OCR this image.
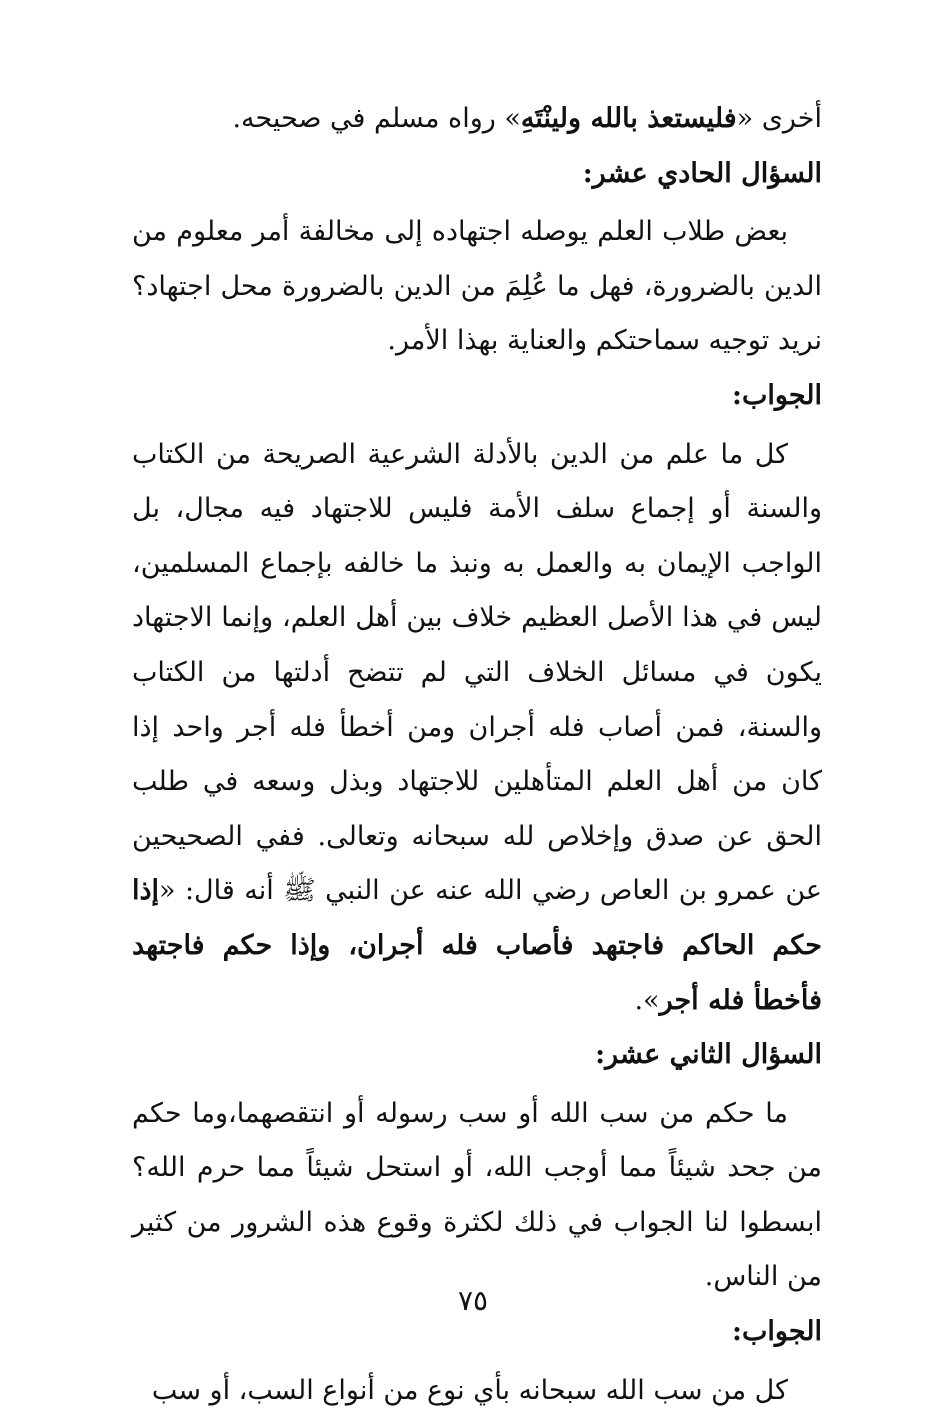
أخرى «فليستعذ بالله ولينْتَهِ» رواه مسلم في صحيحه.

السؤال الحادي عشر:

بعض طلاب العلم يوصله اجتهاده إلى مخالفة أمر معلوم من الدين بالضرورة، فهل ما عُلِمَ من الدين بالضرورة محل اجتهاد؟ نريد توجيه سماحتكم والعناية بهذا الأمر.

الجواب:

كل ما علم من الدين بالأدلة الشرعية الصريحة من الكتاب والسنة أو إجماع سلف الأمة فليس للاجتهاد فيه مجال، بل الواجب الإيمان به والعمل به ونبذ ما خالفه بإجماع المسلمين، ليس في هذا الأصل العظيم خلاف بين أهل العلم، وإنما الاجتهاد يكون في مسائل الخلاف التي لم تتضح أدلتها من الكتاب والسنة، فمن أصاب فله أجران ومن أخطأ فله أجر واحد إذا كان من أهل العلم المتأهلين للاجتهاد وبذل وسعه في طلب الحق عن صدق وإخلاص لله سبحانه وتعالى. ففي الصحيحين عن عمرو بن العاص رضي الله عنه عن النبي ﷺ أنه قال: «إذا حكم الحاكم فاجتهد فأصاب فله أجران، وإذا حكم فاجتهد فأخطأ فله أجر».

السؤال الثاني عشر:

ما حكم من سب الله أو سب رسوله أو انتقصهما،وما حكم من جحد شيئاً مما أوجب الله، أو استحل شيئاً مما حرم الله؟ ابسطوا لنا الجواب في ذلك لكثرة وقوع هذه الشرور من كثير من الناس.

الجواب:

كل من سب الله سبحانه بأي نوع من أنواع السب، أو سب

٧٥
